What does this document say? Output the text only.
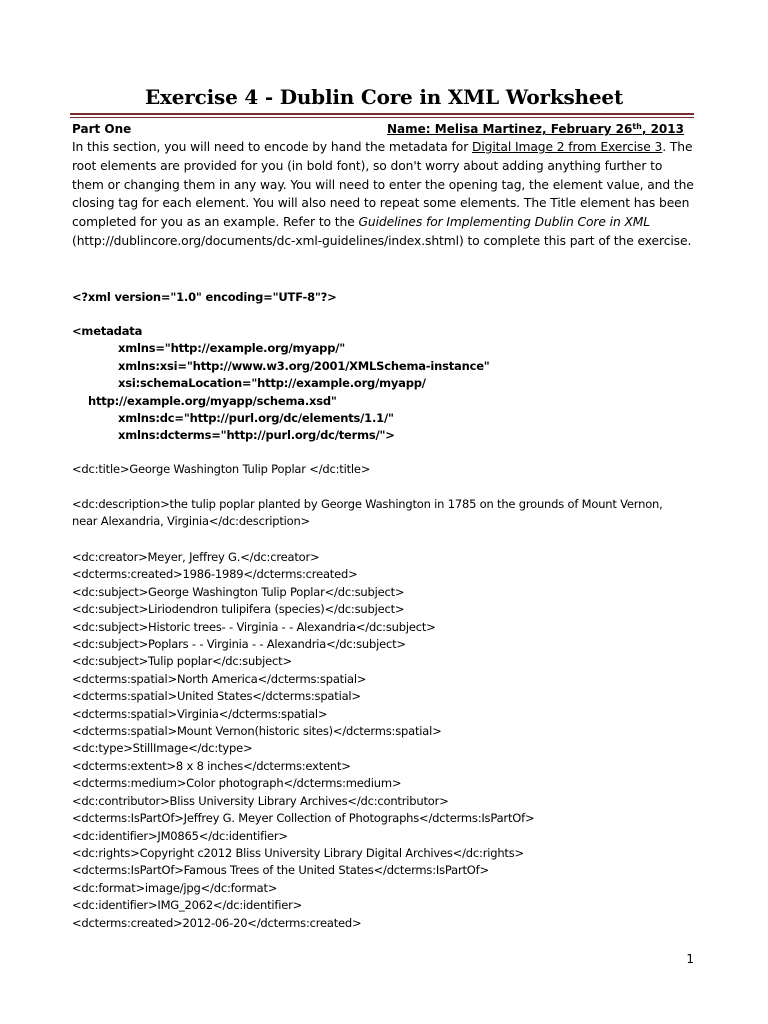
Exercise 4 - Dublin Core in XML Worksheet
Part One	Name: Melisa Martinez, February 26th, 2013
In this section, you will need to encode by hand the metadata for Digital Image 2 from Exercise 3. The root elements are provided for you (in bold font), so don't worry about adding anything further to them or changing them in any way. You will need to enter the opening tag, the element value, and the closing tag for each element. You will also need to repeat some elements. The Title element has been completed for you as an example. Refer to the Guidelines for Implementing Dublin Core in XML (http://dublincore.org/documents/dc-xml-guidelines/index.shtml) to complete this part of the exercise.
<?xml version="1.0" encoding="UTF-8"?>
<metadata
xmlns="http://example.org/myapp/"
xmlns:xsi="http://www.w3.org/2001/XMLSchema-instance"
xsi:schemaLocation="http://example.org/myapp/
http://example.org/myapp/schema.xsd"
xmlns:dc="http://purl.org/dc/elements/1.1/"
xmlns:dcterms="http://purl.org/dc/terms/">
<dc:title>George Washington Tulip Poplar </dc:title>
<dc:description>the tulip poplar planted by George Washington in 1785 on the grounds of Mount Vernon,
near Alexandria, Virginia</dc:description>
<dc:creator>Meyer, Jeffrey G.</dc:creator>
<dcterms:created>1986-1989</dcterms:created>
<dc:subject>George Washington Tulip Poplar</dc:subject>
<dc:subject>Liriodendron tulipifera (species)</dc:subject>
<dc:subject>Historic trees- - Virginia - - Alexandria</dc:subject>
<dc:subject>Poplars - - Virginia - - Alexandria</dc:subject>
<dc:subject>Tulip poplar</dc:subject>
<dcterms:spatial>North America</dcterms:spatial>
<dcterms:spatial>United States</dcterms:spatial>
<dcterms:spatial>Virginia</dcterms:spatial>
<dcterms:spatial>Mount Vernon(historic sites)</dcterms:spatial>
<dc:type>StillImage</dc:type>
<dcterms:extent>8 x 8 inches</dcterms:extent>
<dcterms:medium>Color photograph</dcterms:medium>
<dc:contributor>Bliss University Library Archives</dc:contributor>
<dcterms:IsPartOf>Jeffrey G. Meyer Collection of Photographs</dcterms:IsPartOf>
<dc:identifier>JM0865</dc:identifier>
<dc:rights>Copyright c2012 Bliss University Library Digital Archives</dc:rights>
<dcterms:IsPartOf>Famous Trees of the United States</dcterms:IsPartOf>
<dc:format>image/jpg</dc:format>
<dc:identifier>IMG_2062</dc:identifier>
<dcterms:created>2012-06-20</dcterms:created>
1
